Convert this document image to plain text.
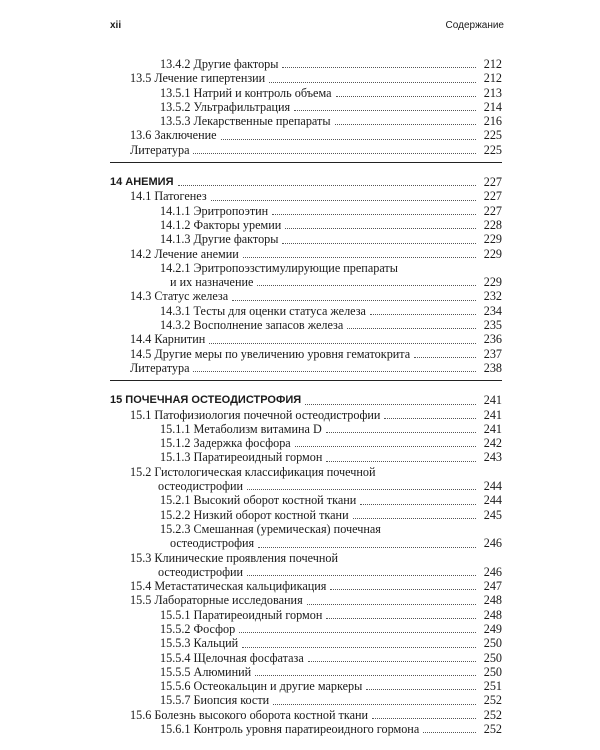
xii	Содержание
13.4.2 Другие факторы	212
13.5 Лечение гипертензии	212
13.5.1 Натрий и контроль объема	213
13.5.2 Ультрафильтрация	214
13.5.3 Лекарственные препараты	216
13.6 Заключение	225
Литература	225
14 АНЕМИЯ	227
14.1 Патогенез	227
14.1.1 Эритропоэтин	227
14.1.2 Факторы уремии	228
14.1.3 Другие факторы	229
14.2 Лечение анемии	229
14.2.1 Эритропоэзстимулирующие препараты
и их назначение	229
14.3 Статус железа	232
14.3.1 Тесты для оценки статуса железа	234
14.3.2 Восполнение запасов железа	235
14.4 Карнитин	236
14.5 Другие меры по увеличению уровня гематокрита	237
Литература	238
15 ПОЧЕЧНАЯ ОСТЕОДИСТРОФИЯ	241
15.1 Патофизиология почечной остеодистрофии	241
15.1.1 Метаболизм витамина D	241
15.1.2 Задержка фосфора	242
15.1.3 Паратиреоидный гормон	243
15.2 Гистологическая классификация почечной
остеодистрофии	244
15.2.1 Высокий оборот костной ткани	244
15.2.2 Низкий оборот костной ткани	245
15.2.3 Смешанная (уремическая) почечная
остеодистрофия	246
15.3 Клинические проявления почечной
остеодистрофии	246
15.4 Метастатическая кальцификация	247
15.5 Лабораторные исследования	248
15.5.1 Паратиреоидный гормон	248
15.5.2 Фосфор	249
15.5.3 Кальций	250
15.5.4 Щелочная фосфатаза	250
15.5.5 Алюминий	250
15.5.6 Остеокальцин и другие маркеры	251
15.5.7 Биопсия кости	252
15.6 Болезнь высокого оборота костной ткани	252
15.6.1 Контроль уровня паратиреоидного гормона	252
